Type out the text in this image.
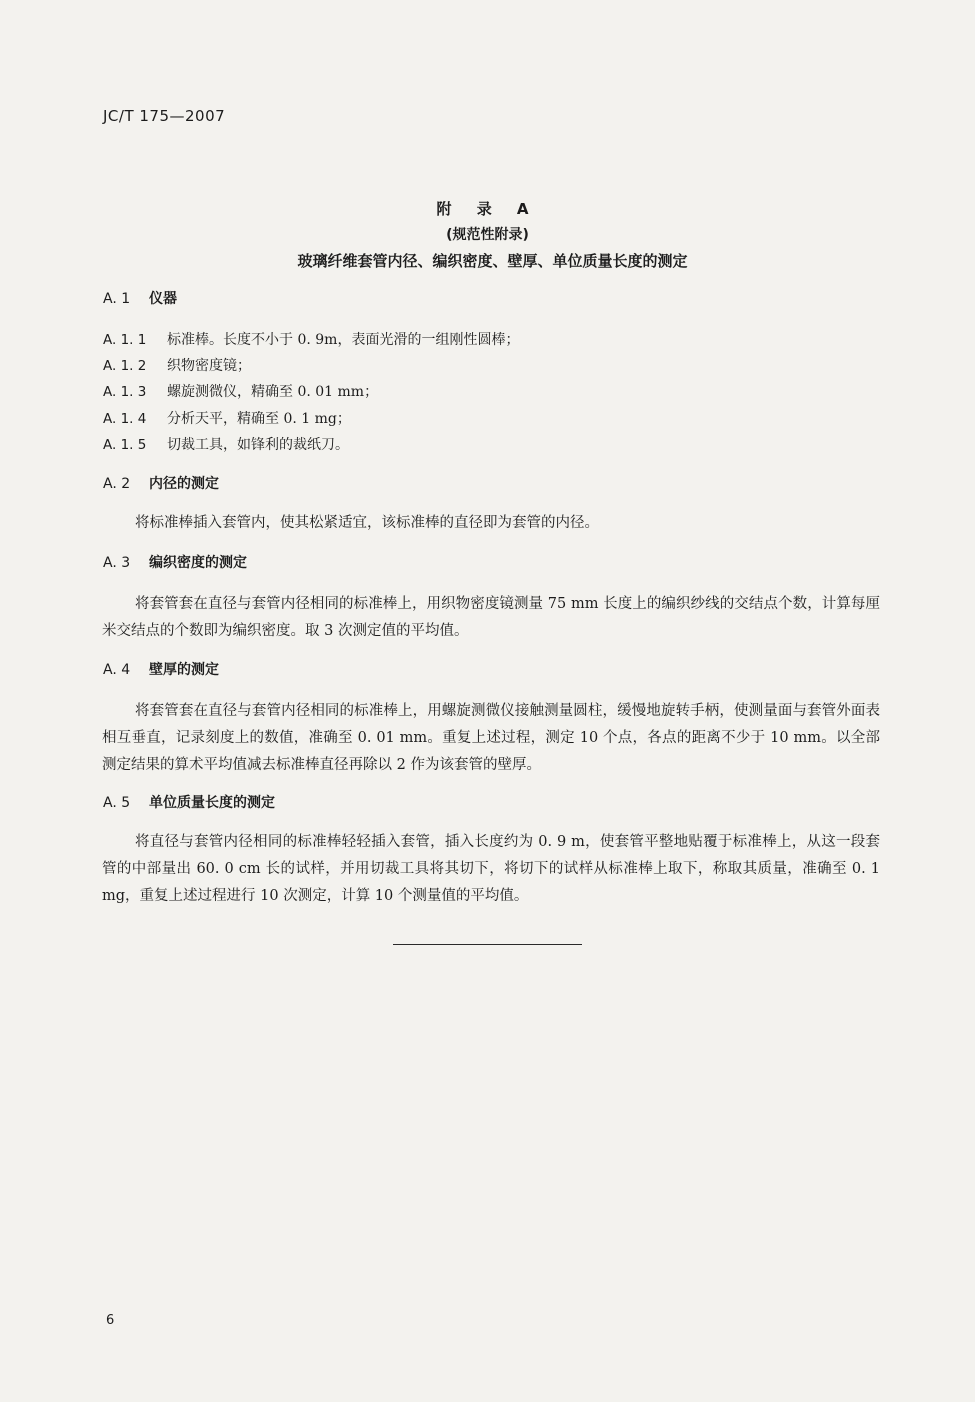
JC/T 175—2007
附 录 A
(规范性附录)
玻璃纤维套管内径、编织密度、壁厚、单位质量长度的测定
A. 1 仪器
A. 1. 1 标准棒。长度不小于 0. 9m，表面光滑的一组刚性圆棒；
A. 1. 2 织物密度镜；
A. 1. 3 螺旋测微仪，精确至 0. 01 mm；
A. 1. 4 分析天平，精确至 0. 1 mg；
A. 1. 5 切裁工具，如锋利的裁纸刀。
A. 2 内径的测定
将标准棒插入套管内，使其松紧适宜，该标准棒的直径即为套管的内径。
A. 3 编织密度的测定
将套管套在直径与套管内径相同的标准棒上，用织物密度镜测量 75 mm 长度上的编织纱线的交结点个数，计算每厘米交结点的个数即为编织密度。取 3 次测定值的平均值。
A. 4 壁厚的测定
将套管套在直径与套管内径相同的标准棒上，用螺旋测微仪接触测量圆柱，缓慢地旋转手柄，使测量面与套管外面表相互垂直，记录刻度上的数值，准确至 0. 01 mm。重复上述过程，测定 10 个点，各点的距离不少于 10 mm。以全部测定结果的算术平均值减去标准棒直径再除以 2 作为该套管的壁厚。
A. 5 单位质量长度的测定
将直径与套管内径相同的标准棒轻轻插入套管，插入长度约为 0. 9 m，使套管平整地贴覆于标准棒上，从这一段套管的中部量出 60. 0 cm 长的试样，并用切裁工具将其切下，将切下的试样从标准棒上取下，称取其质量，准确至 0. 1 mg，重复上述过程进行 10 次测定，计算 10 个测量值的平均值。
6
